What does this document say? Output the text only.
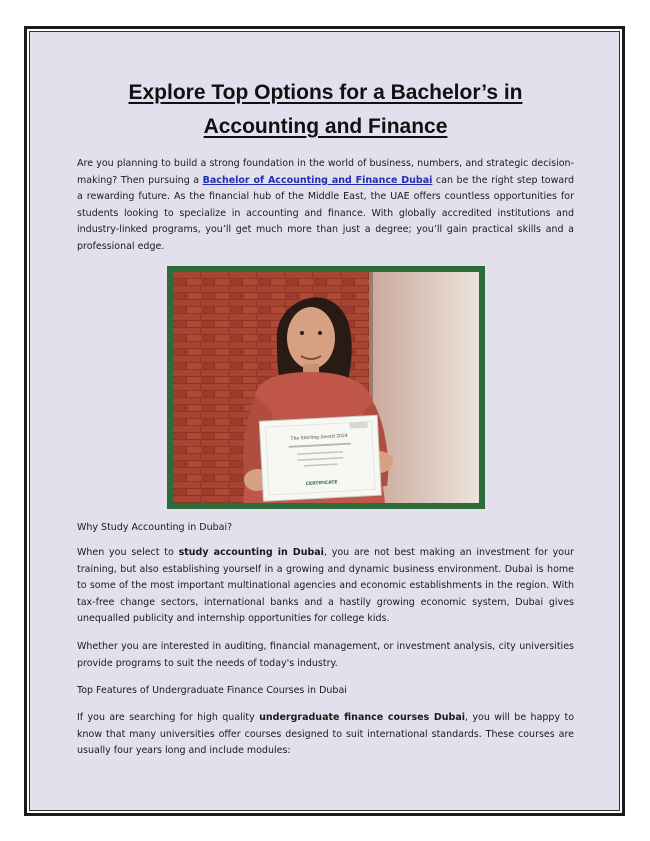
Explore Top Options for a Bachelor’s in
Accounting and Finance

Are you planning to build a strong foundation in the world of business, numbers, and strategic decision-making? Then pursuing a Bachelor of Accounting and Finance Dubai can be the right step toward a rewarding future. As the financial hub of the Middle East, the UAE offers countless opportunities for students looking to specialize in accounting and finance. With globally accredited institutions and industry-linked programs, you’ll get much more than just a degree; you’ll gain practical skills and a professional edge.

The Sterling Award 2024
CERTIFICATE

Why Study Accounting in Dubai?

When you select to study accounting in Dubai, you are not best making an investment for your training, but also establishing yourself in a growing and dynamic business environment. Dubai is home to some of the most important multinational agencies and economic establishments in the region. With tax-free change sectors, international banks and a hastily growing economic system, Dubai gives unequalled publicity and internship opportunities for college kids.

Whether you are interested in auditing, financial management, or investment analysis, city universities provide programs to suit the needs of today's industry.

Top Features of Undergraduate Finance Courses in Dubai

If you are searching for high quality undergraduate finance courses Dubai, you will be happy to know that many universities offer courses designed to suit international standards. These courses are usually four years long and include modules:
